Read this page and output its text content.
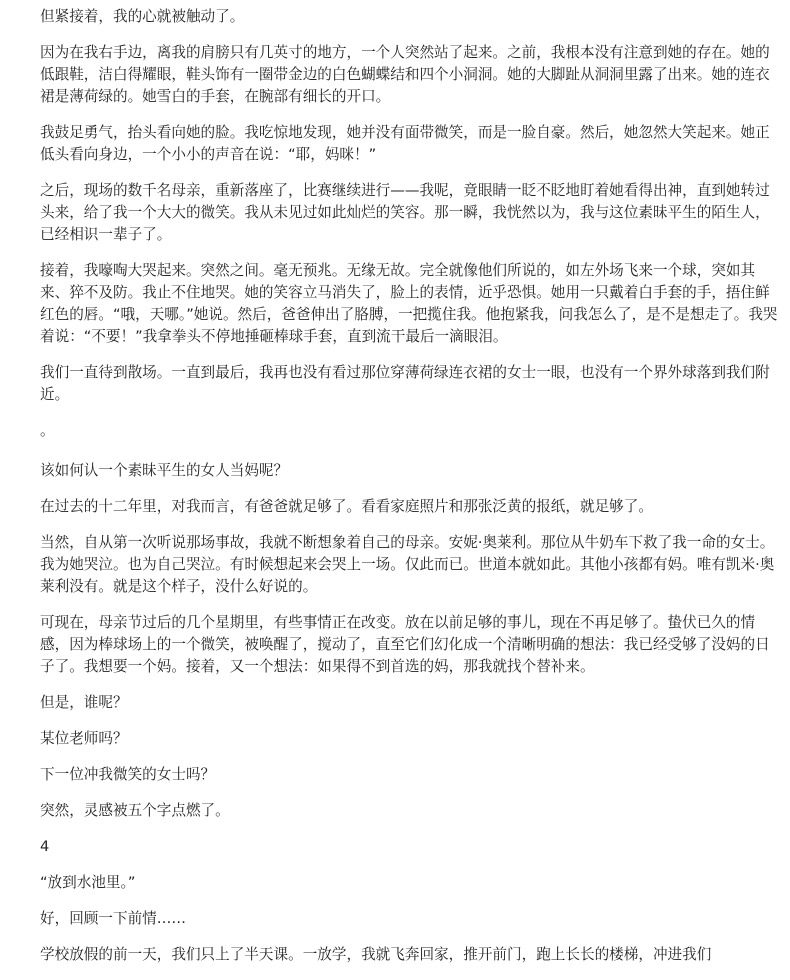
但紧接着，我的心就被触动了。

因为在我右手边，离我的肩膀只有几英寸的地方，一个人突然站了起来。之前，我根本没有注意到她的存在。她的低跟鞋，洁白得耀眼，鞋头饰有一圈带金边的白色蝴蝶结和四个小洞洞。她的大脚趾从洞洞里露了出来。她的连衣裙是薄荷绿的。她雪白的手套，在腕部有细长的开口。

我鼓足勇气，抬头看向她的脸。我吃惊地发现，她并没有面带微笑，而是一脸自豪。然后，她忽然大笑起来。她正低头看向身边，一个小小的声音在说：“耶，妈咪！”

之后，现场的数千名母亲，重新落座了，比赛继续进行——我呢，竟眼睛一眨不眨地盯着她看得出神，直到她转过头来，给了我一个大大的微笑。我从未见过如此灿烂的笑容。那一瞬，我恍然以为，我与这位素昧平生的陌生人，已经相识一辈子了。

接着，我嚎啕大哭起来。突然之间。毫无预兆。无缘无故。完全就像他们所说的，如左外场飞来一个球，突如其来、猝不及防。我止不住地哭。她的笑容立马消失了，脸上的表情，近乎恐惧。她用一只戴着白手套的手，捂住鲜红色的唇。“哦，天哪。”她说。然后，爸爸伸出了胳膊，一把揽住我。他抱紧我，问我怎么了，是不是想走了。我哭着说：“不要！”我拿拳头不停地捶砸棒球手套，直到流干最后一滴眼泪。

我们一直待到散场。一直到最后，我再也没有看过那位穿薄荷绿连衣裙的女士一眼，也没有一个界外球落到我们附近。

。

该如何认一个素昧平生的女人当妈呢？

在过去的十二年里，对我而言，有爸爸就足够了。看看家庭照片和那张泛黄的报纸，就足够了。

当然，自从第一次听说那场事故，我就不断想象着自己的母亲。安妮·奥莱利。那位从牛奶车下救了我一命的女士。我为她哭泣。也为自己哭泣。有时候想起来会哭上一场。仅此而已。世道本就如此。其他小孩都有妈。唯有凯米·奥莱利没有。就是这个样子，没什么好说的。

可现在，母亲节过后的几个星期里，有些事情正在改变。放在以前足够的事儿，现在不再足够了。蛰伏已久的情感，因为棒球场上的一个微笑，被唤醒了，搅动了，直至它们幻化成一个清晰明确的想法：我已经受够了没妈的日子了。我想要一个妈。接着，又一个想法：如果得不到首选的妈，那我就找个替补来。

但是，谁呢？

某位老师吗？

下一位冲我微笑的女士吗？

突然，灵感被五个字点燃了。

4

“放到水池里。”

好，回顾一下前情……

学校放假的前一天，我们只上了半天课。一放学，我就飞奔回家，推开前门，跑上长长的楼梯，冲进我们
